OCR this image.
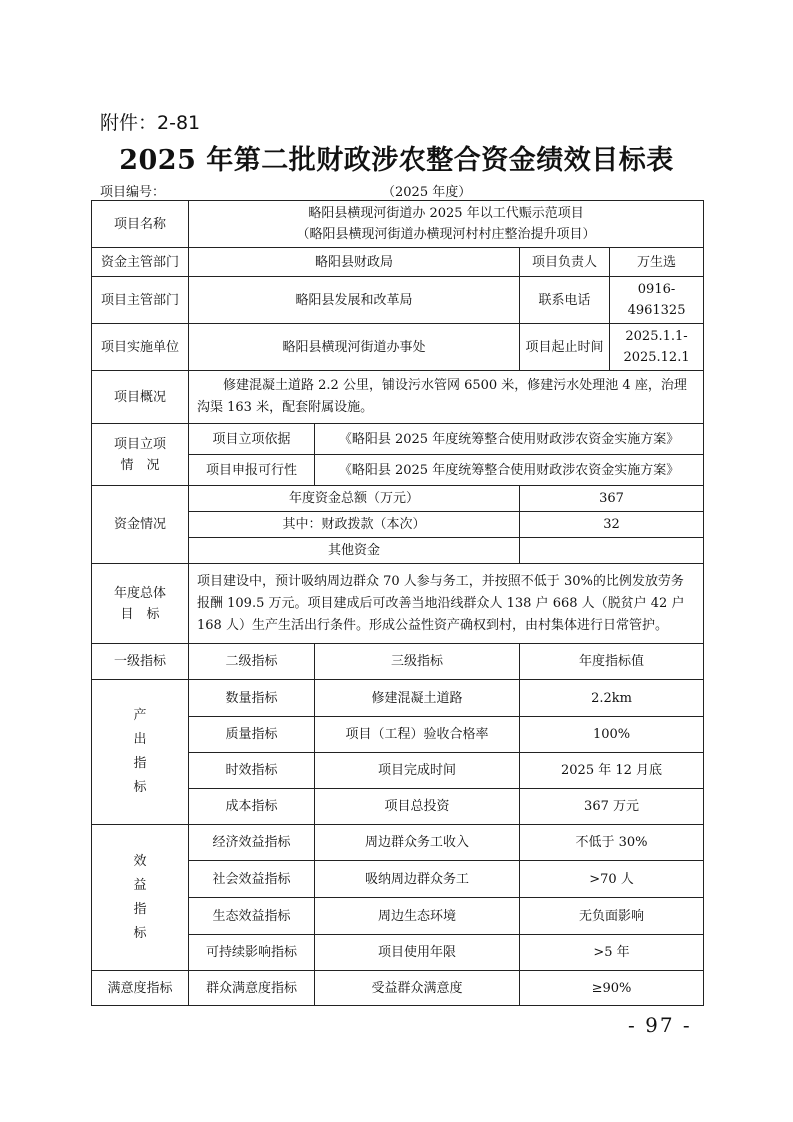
附件：2-81
2025 年第二批财政涉农整合资金绩效目标表
项目编号：	（2025 年度）
项目名称	略阳县横现河街道办 2025 年以工代赈示范项目
（略阳县横现河街道办横现河村村庄整治提升项目）			

资金主管部门	略阳县财政局		项目负责人	万生选
项目主管部门	略阳县发展和改革局		联系电话	0916-4961325
项目实施单位	略阳县横现河街道办事处		项目起止时间	2025.1.1-2025.12.1
项目概况	修建混凝土道路 2.2 公里，铺设污水管网 6500 米，修建污水处理池 4 座，治理沟渠 163 米，配套附属设施。			

项目立项
情　况	项目立项依据	《略阳县 2025 年度统筹整合使用财政涉农资金实施方案》		
	项目申报可行性	《略阳县 2025 年度统筹整合使用财政涉农资金实施方案》		
资金情况	年度资金总额（万元）		367	
	其中：财政拨款（本次）		32	
	其他资金			

年度总体
目　标	项目建设中，预计吸纳周边群众 70 人参与务工，并按照不低于 30%的比例发放劳务报酬 109.5 万元。项目建成后可改善当地沿线群众人 138 户 668 人（脱贫户 42 户 168 人）生产生活出行条件。形成公益性资产确权到村，由村集体进行日常管护。			
一级指标	二级指标	三级指标	年度指标值	

产
出
指
标	数量指标	修建混凝土道路	2.2km	
	质量指标	项目（工程）验收合格率	100%	
	时效指标	项目完成时间	2025 年 12 月底	
	成本指标	项目总投资	367 万元	

效
益
指
标	经济效益指标	周边群众务工收入	不低于 30%	
	社会效益指标	吸纳周边群众务工	>70 人	
	生态效益指标	周边生态环境	无负面影响	
	可持续影响指标	项目使用年限	>5 年	
满意度指标	群众满意度指标	受益群众满意度	≥90%	
- 97 -
